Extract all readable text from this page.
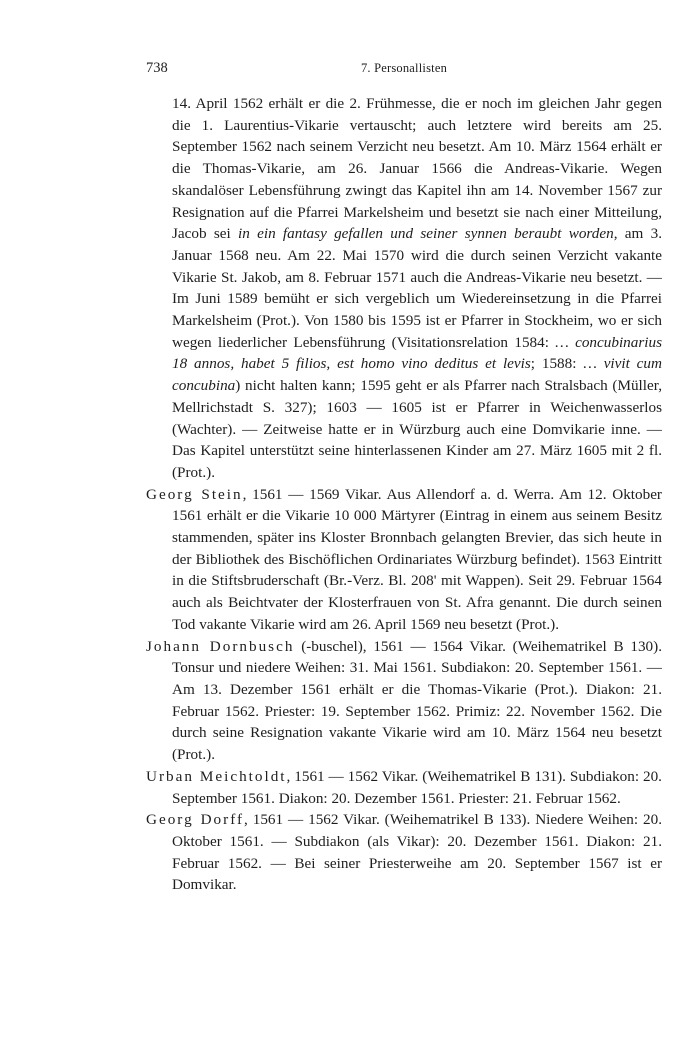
738	7. Personallisten

14. April 1562 erhält er die 2. Frühmesse, die er noch im gleichen Jahr gegen die 1. Laurentius-Vikarie vertauscht; auch letztere wird bereits am 25. September 1562 nach seinem Verzicht neu besetzt. Am 10. März 1564 erhält er die Thomas-Vikarie, am 26. Januar 1566 die Andreas-Vikarie. Wegen skandalöser Lebensführung zwingt das Kapitel ihn am 14. November 1567 zur Resignation auf die Pfarrei Markelsheim und besetzt sie nach einer Mitteilung, Jacob sei in ein fantasy gefallen und seiner synnen beraubt worden, am 3. Januar 1568 neu. Am 22. Mai 1570 wird die durch seinen Verzicht vakante Vikarie St. Jakob, am 8. Februar 1571 auch die Andreas-Vikarie neu besetzt. — Im Juni 1589 bemüht er sich vergeblich um Wiedereinsetzung in die Pfarrei Markelsheim (Prot.). Von 1580 bis 1595 ist er Pfarrer in Stockheim, wo er sich wegen liederlicher Lebensführung (Visitationsrelation 1584: … concubinarius 18 annos, habet 5 filios, est homo vino deditus et levis; 1588: … vivit cum concubina) nicht halten kann; 1595 geht er als Pfarrer nach Stralsbach (Müller, Mellrichstadt S. 327); 1603 — 1605 ist er Pfarrer in Weichenwasserlos (Wachter). — Zeitweise hatte er in Würzburg auch eine Domvikarie inne. — Das Kapitel unterstützt seine hinterlassenen Kinder am 27. März 1605 mit 2 fl. (Prot.).

Georg Stein, 1561 — 1569 Vikar. Aus Allendorf a. d. Werra. Am 12. Oktober 1561 erhält er die Vikarie 10 000 Märtyrer (Eintrag in einem aus seinem Besitz stammenden, später ins Kloster Bronnbach gelangten Brevier, das sich heute in der Bibliothek des Bischöflichen Ordinariates Würzburg befindet). 1563 Eintritt in die Stiftsbruderschaft (Br.-Verz. Bl. 208' mit Wappen). Seit 29. Februar 1564 auch als Beichtvater der Klosterfrauen von St. Afra genannt. Die durch seinen Tod vakante Vikarie wird am 26. April 1569 neu besetzt (Prot.).

Johann Dornbusch (-buschel), 1561 — 1564 Vikar. (Weihematrikel B 130). Tonsur und niedere Weihen: 31. Mai 1561. Subdiakon: 20. September 1561. — Am 13. Dezember 1561 erhält er die Thomas-Vikarie (Prot.). Diakon: 21. Februar 1562. Priester: 19. September 1562. Primiz: 22. November 1562. Die durch seine Resignation vakante Vikarie wird am 10. März 1564 neu besetzt (Prot.).

Urban Meichtoldt, 1561 — 1562 Vikar. (Weihematrikel B 131). Subdiakon: 20. September 1561. Diakon: 20. Dezember 1561. Priester: 21. Februar 1562.

Georg Dorff, 1561 — 1562 Vikar. (Weihematrikel B 133). Niedere Weihen: 20. Oktober 1561. — Subdiakon (als Vikar): 20. Dezember 1561. Diakon: 21. Februar 1562. — Bei seiner Priesterweihe am 20. September 1567 ist er Domvikar.
